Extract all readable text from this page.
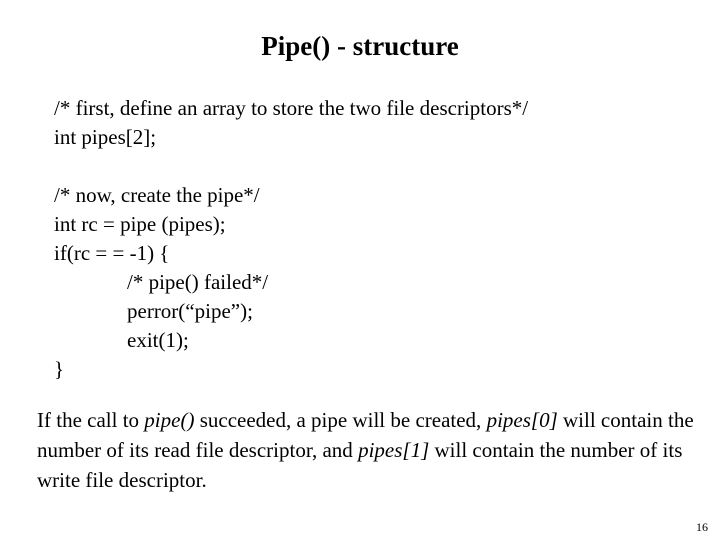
Pipe() - structure
/* first, define an array to store the two file descriptors*/
int pipes[2];
/* now, create the pipe*/
int rc = pipe (pipes);
if(rc = = -1) {
/* pipe() failed*/
perror(“pipe”);
exit(1);
}
If the call to pipe() succeeded, a pipe will be created, pipes[0] will contain the number of its read file descriptor, and pipes[1] will contain the number of its write file descriptor.
16
